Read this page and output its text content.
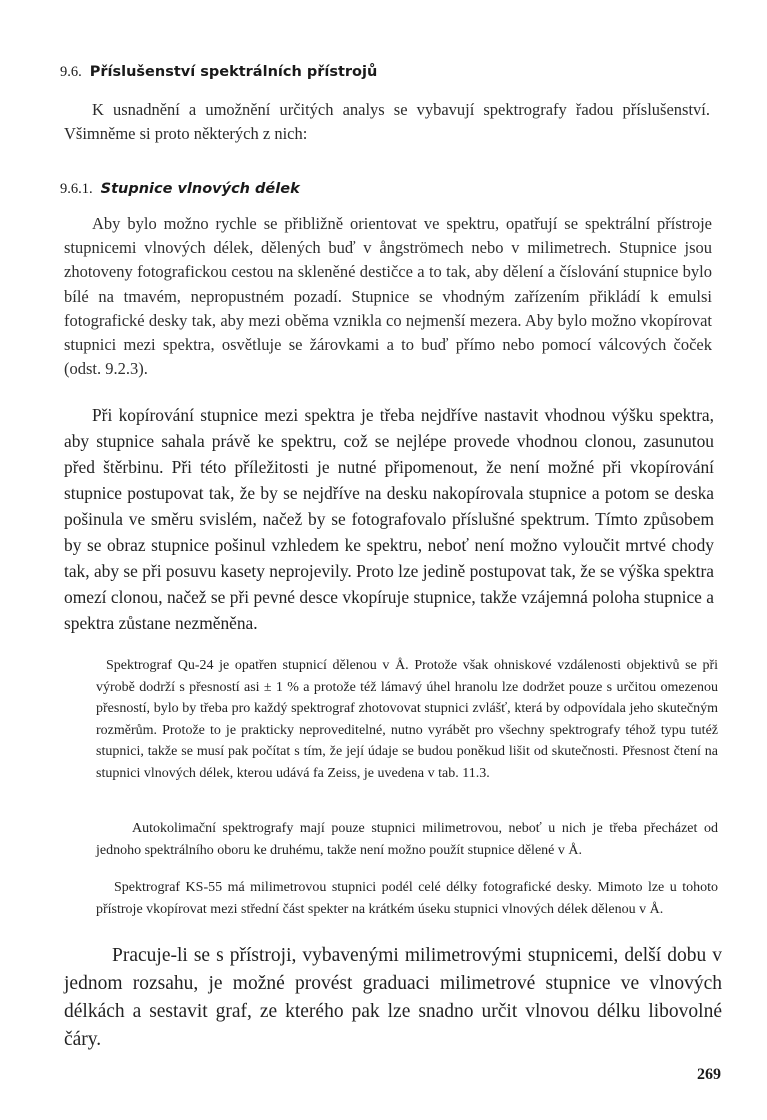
9.6. Příslušenství spektrálních přístrojů

K usnadnění a umožnění určitých analys se vybavují spektrografy řadou příslušenství. Všimněme si proto některých z nich:

9.6.1. Stupnice vlnových délek

Aby bylo možno rychle se přibližně orientovat ve spektru, opatřují se spektrální přístroje stupnicemi vlnových délek, dělených buď v ångströmech nebo v milimetrech. Stupnice jsou zhotoveny fotografickou cestou na skleněné destičce a to tak, aby dělení a číslování stupnice bylo bílé na tmavém, nepropustném pozadí. Stupnice se vhodným zařízením přikládí k emulsi fotografické desky tak, aby mezi oběma vznikla co nejmenší mezera. Aby bylo možno vkopírovat stupnici mezi spektra, osvětluje se žárovkami a to buď přímo nebo pomocí válcových čoček (odst. 9.2.3).

Při kopírování stupnice mezi spektra je třeba nejdříve nastavit vhodnou výšku spektra, aby stupnice sahala právě ke spektru, což se nejlépe provede vhodnou clonou, zasunutou před štěrbinu. Při této příležitosti je nutné připomenout, že není možné při vkopírování stupnice postupovat tak, že by se nejdříve na desku nakopírovala stupnice a potom se deska pošinula ve směru svislém, načež by se fotografovalo příslušné spektrum. Tímto způsobem by se obraz stupnice pošinul vzhledem ke spektru, neboť není možno vyloučit mrtvé chody tak, aby se při posuvu kasety neprojevily. Proto lze jedině postupovat tak, že se výška spektra omezí clonou, načež se při pevné desce vkopíruje stupnice, takže vzájemná poloha stupnice a spektra zůstane nezměněna.

Spektrograf Qu-24 je opatřen stupnicí dělenou v Å. Protože však ohniskové vzdálenosti objektivů se při výrobě dodrží s přesností asi ± 1 % a protože též lámavý úhel hranolu lze dodržet pouze s určitou omezenou přesností, bylo by třeba pro každý spektrograf zhotovovat stupnici zvlášť, která by odpovídala jeho skutečným rozměrům. Protože to je prakticky neproveditelné, nutno vyrábět pro všechny spektrografy téhož typu tutéž stupnici, takže se musí pak počítat s tím, že její údaje se budou poněkud lišit od skutečnosti. Přesnost čtení na stupnici vlnových délek, kterou udává fa Zeiss, je uvedena v tab. 11.3.

Autokolimační spektrografy mají pouze stupnici milimetrovou, neboť u nich je třeba přecházet od jednoho spektrálního oboru ke druhému, takže není možno použít stupnice dělené v Å.

Spektrograf KS-55 má milimetrovou stupnici podél celé délky fotografické desky. Mimoto lze u tohoto přístroje vkopírovat mezi střední část spekter na krátkém úseku stupnici vlnových délek dělenou v Å.

Pracuje-li se s přístroji, vybavenými milimetrovými stupnicemi, delší dobu v jednom rozsahu, je možné provést graduaci milimetrové stupnice ve vlnových délkách a sestavit graf, ze kterého pak lze snadno určit vlnovou délku libovolné čáry.

269
